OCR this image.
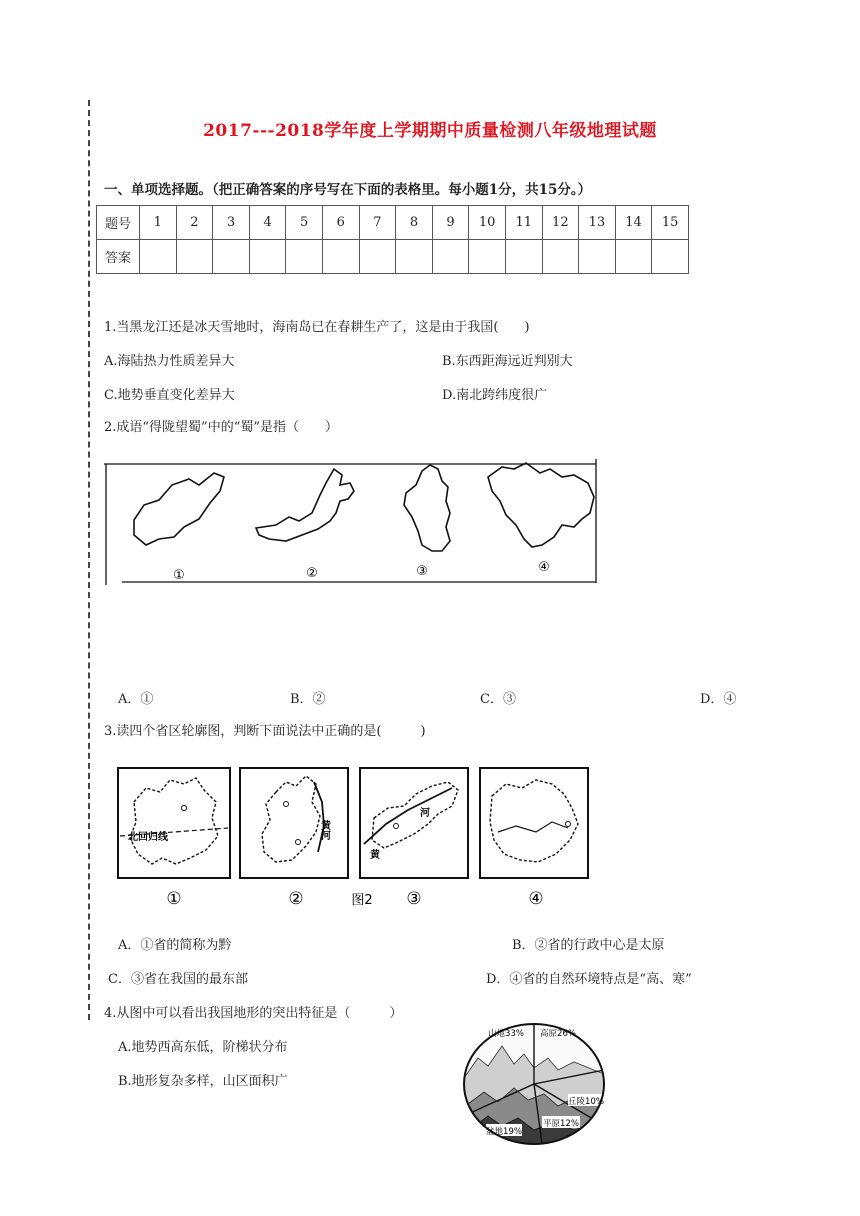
2017---2018学年度上学期期中质量检测八年级地理试题
一、单项选择题。（把正确答案的序号写在下面的表格里。每小题1分，共15分。）
题号	1	2	3	4	5	6	7	8	9	10	11	12	13	14	15
答案															
1.当黑龙江还是冰天雪地时，海南岛已在春耕生产了，这是由于我国(　　)
A.海陆热力性质差异大	B.东西距海远近判别大
C.地势垂直变化差异大	D.南北跨纬度很广
2.成语“得陇望蜀”中的“蜀”是指（　　）
①	②	③	④
A．①	B．②	C．③	D．④
3.读四个省区轮廓图，判断下面说法中正确的是(　　　)
北回归线	黄河
河
黄
①	②	③	④
图2
A．①省的简称为黔	B．②省的行政中心是太原
C．③省在我国的最东部	D．④省的自然环境特点是“高、寒”
4.从图中可以看出我国地形的突出特征是（　　　）
A.地势西高东低，阶梯状分布
B.地形复杂多样，山区面积广
山地33% 高原26%
丘陵10%
盆地19%
平原12%
